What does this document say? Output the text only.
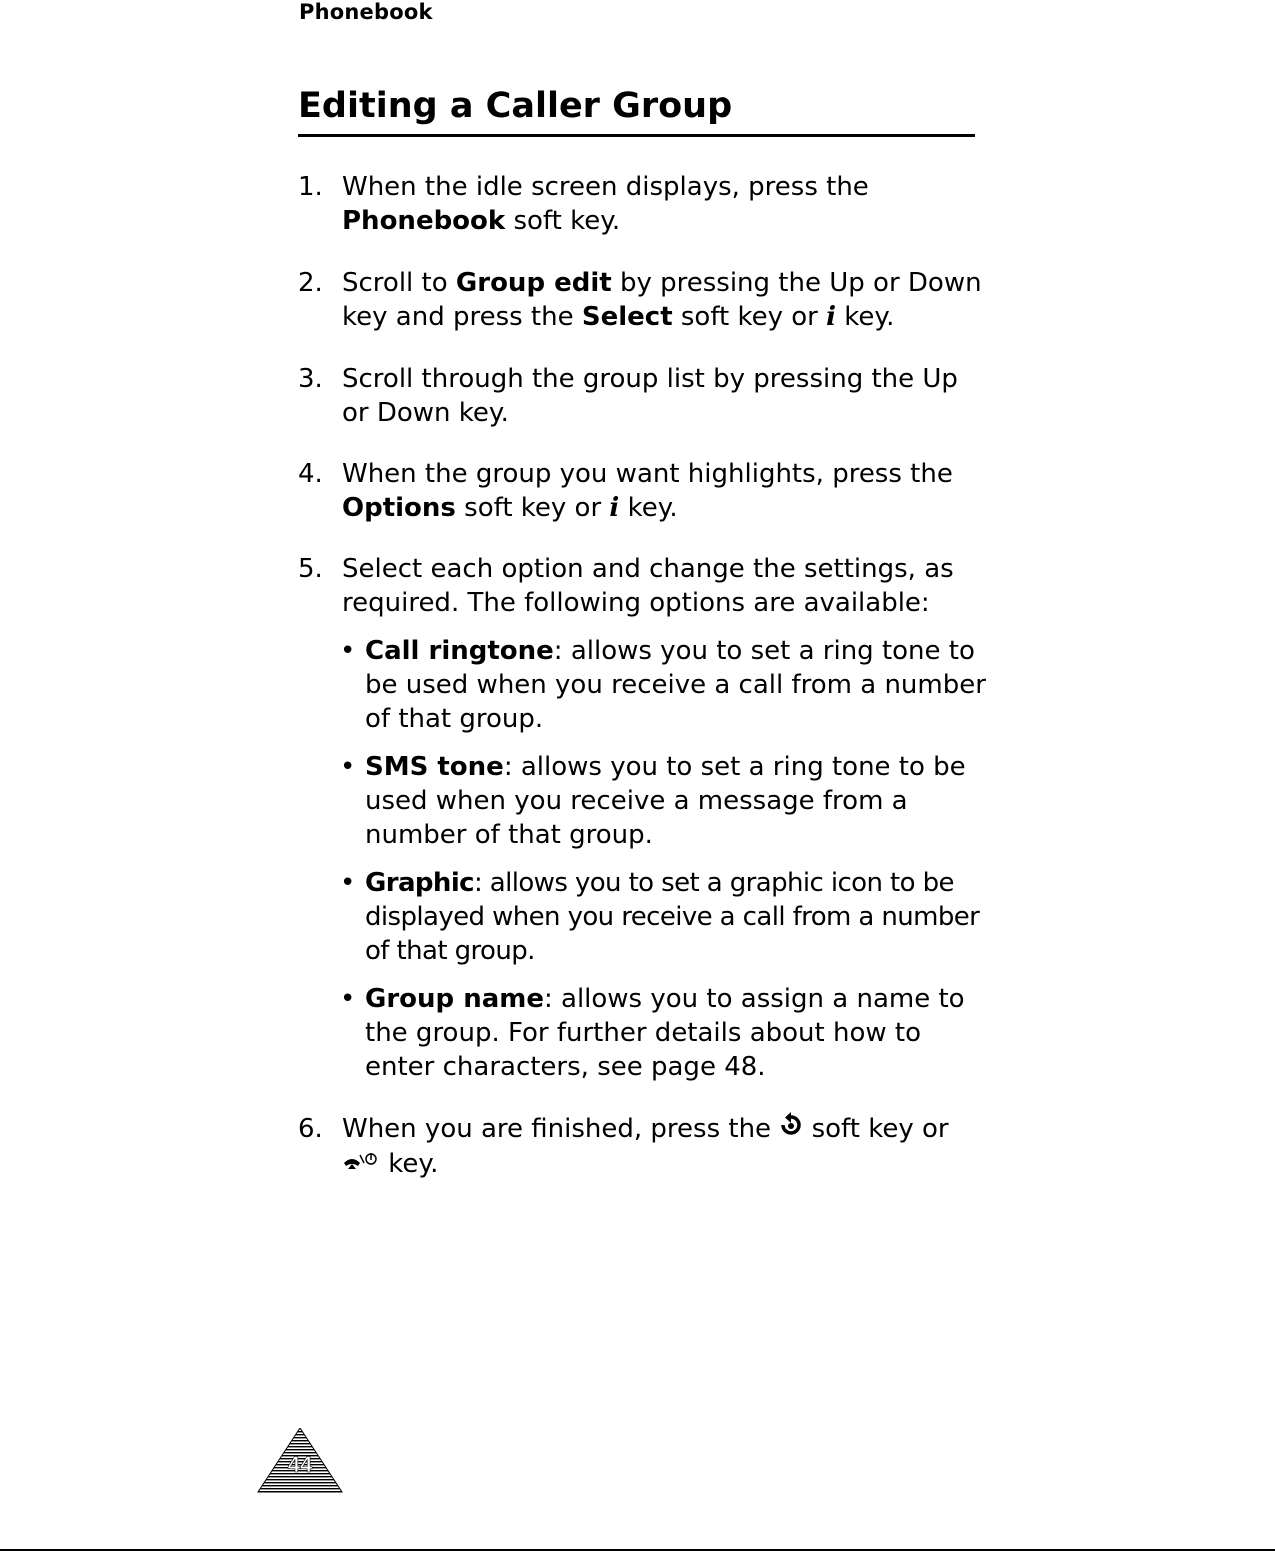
Phonebook
Editing a Caller Group
1. When the idle screen displays, press the
Phonebook soft key.
2. Scroll to Group edit by pressing the Up or Down key and press the Select soft key or i key.
3. Scroll through the group list by pressing the Up or Down key.
4. When the group you want highlights, press the
Options soft key or i key.
5. Select each option and change the settings, as required. The following options are available:
• Call ringtone: allows you to set a ring tone to be used when you receive a call from a number of that group.
• SMS tone: allows you to set a ring tone to be used when you receive a message from a number of that group.
• Graphic: allows you to set a graphic icon to be displayed when you receive a call from a number of that group.
• Group name: allows you to assign a name to the group. For further details about how to enter characters, see page 48.
6. When you are finished, press the soft key or
key.
44
